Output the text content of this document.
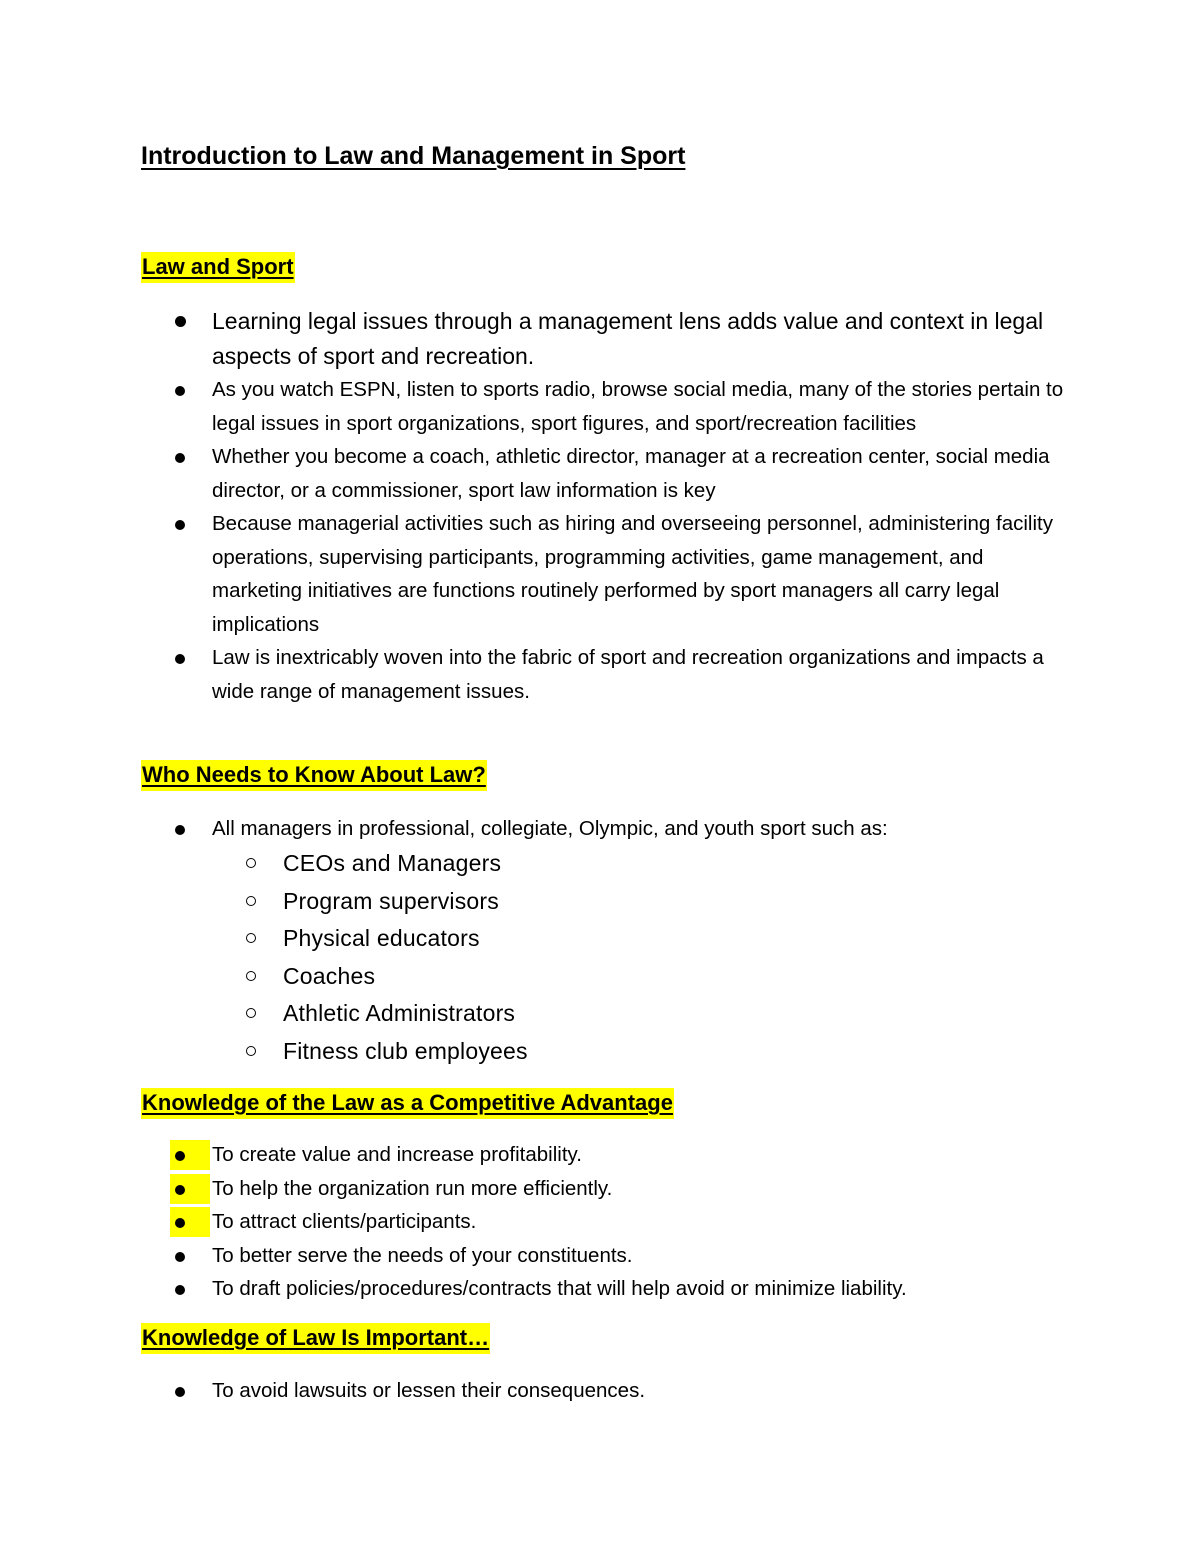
Introduction to Law and Management in Sport
Law and Sport
Learning legal issues through a management lens adds value and context in legal aspects of sport and recreation.
As you watch ESPN, listen to sports radio, browse social media, many of the stories pertain to legal issues in sport organizations, sport figures, and sport/recreation facilities
Whether you become a coach, athletic director, manager at a recreation center, social media director, or a commissioner, sport law information is key
Because managerial activities such as hiring and overseeing personnel, administering facility operations, supervising participants, programming activities, game management, and marketing initiatives are functions routinely performed by sport managers all carry legal implications
Law is inextricably woven into the fabric of sport and recreation organizations and impacts a wide range of management issues.
Who Needs to Know About Law?
All managers in professional, collegiate, Olympic, and youth sport such as:
CEOs and Managers
Program supervisors
Physical educators
Coaches
Athletic Administrators
Fitness club employees
Knowledge of the Law as a Competitive Advantage
To create value and increase profitability.
To help the organization run more efficiently.
To attract clients/participants.
To better serve the needs of your constituents.
To draft policies/procedures/contracts that will help avoid or minimize liability.
Knowledge of Law Is Important…
To avoid lawsuits or lessen their consequences.
